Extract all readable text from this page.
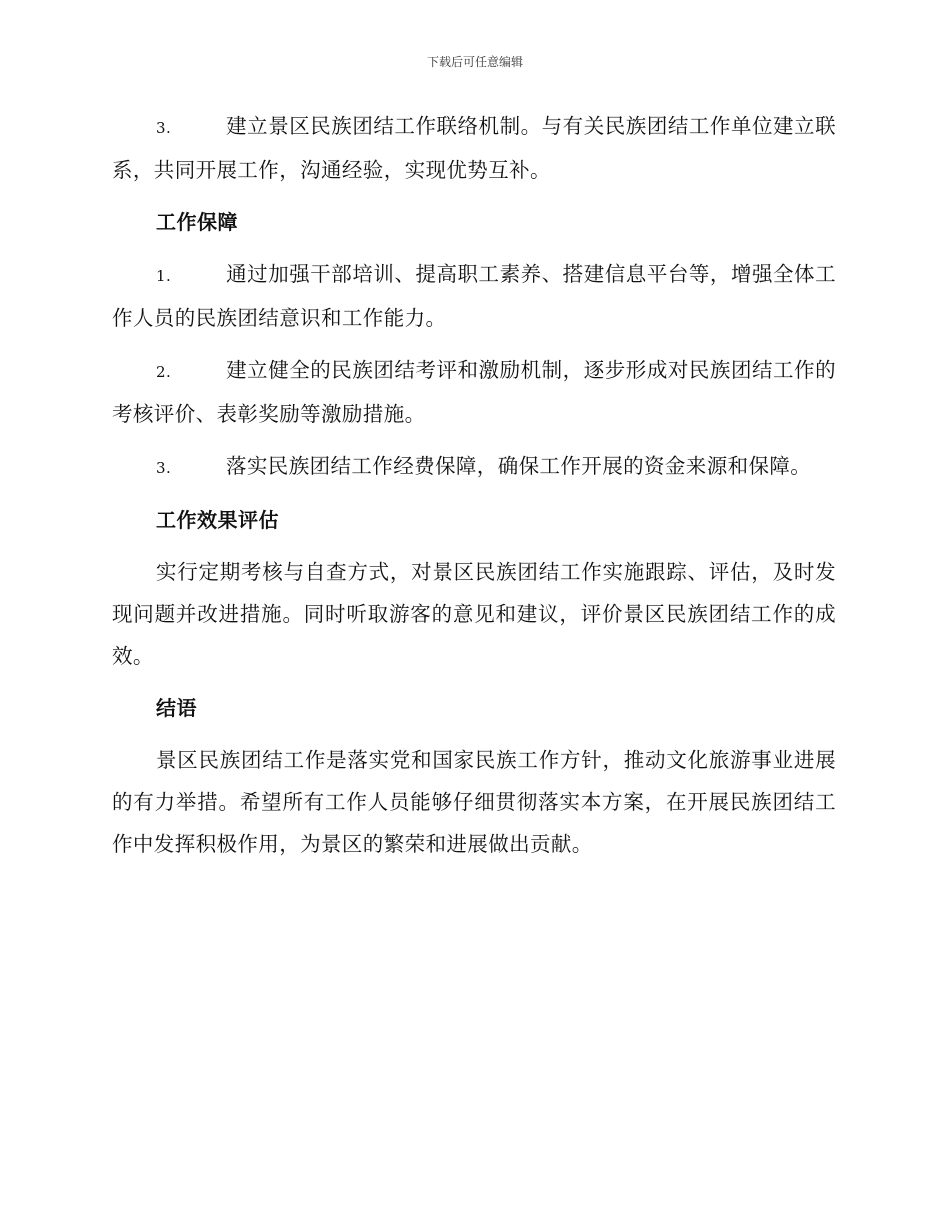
下载后可任意编辑

3.	建立景区民族团结工作联络机制。与有关民族团结工作单位建立联系，共同开展工作，沟通经验，实现优势互补。

工作保障

1.	通过加强干部培训、提高职工素养、搭建信息平台等，增强全体工作人员的民族团结意识和工作能力。

2.	建立健全的民族团结考评和激励机制，逐步形成对民族团结工作的考核评价、表彰奖励等激励措施。

3.	落实民族团结工作经费保障，确保工作开展的资金来源和保障。

工作效果评估

实行定期考核与自查方式，对景区民族团结工作实施跟踪、评估，及时发现问题并改进措施。同时听取游客的意见和建议，评价景区民族团结工作的成效。

结语

景区民族团结工作是落实党和国家民族工作方针，推动文化旅游事业进展的有力举措。希望所有工作人员能够仔细贯彻落实本方案，在开展民族团结工作中发挥积极作用，为景区的繁荣和进展做出贡献。
